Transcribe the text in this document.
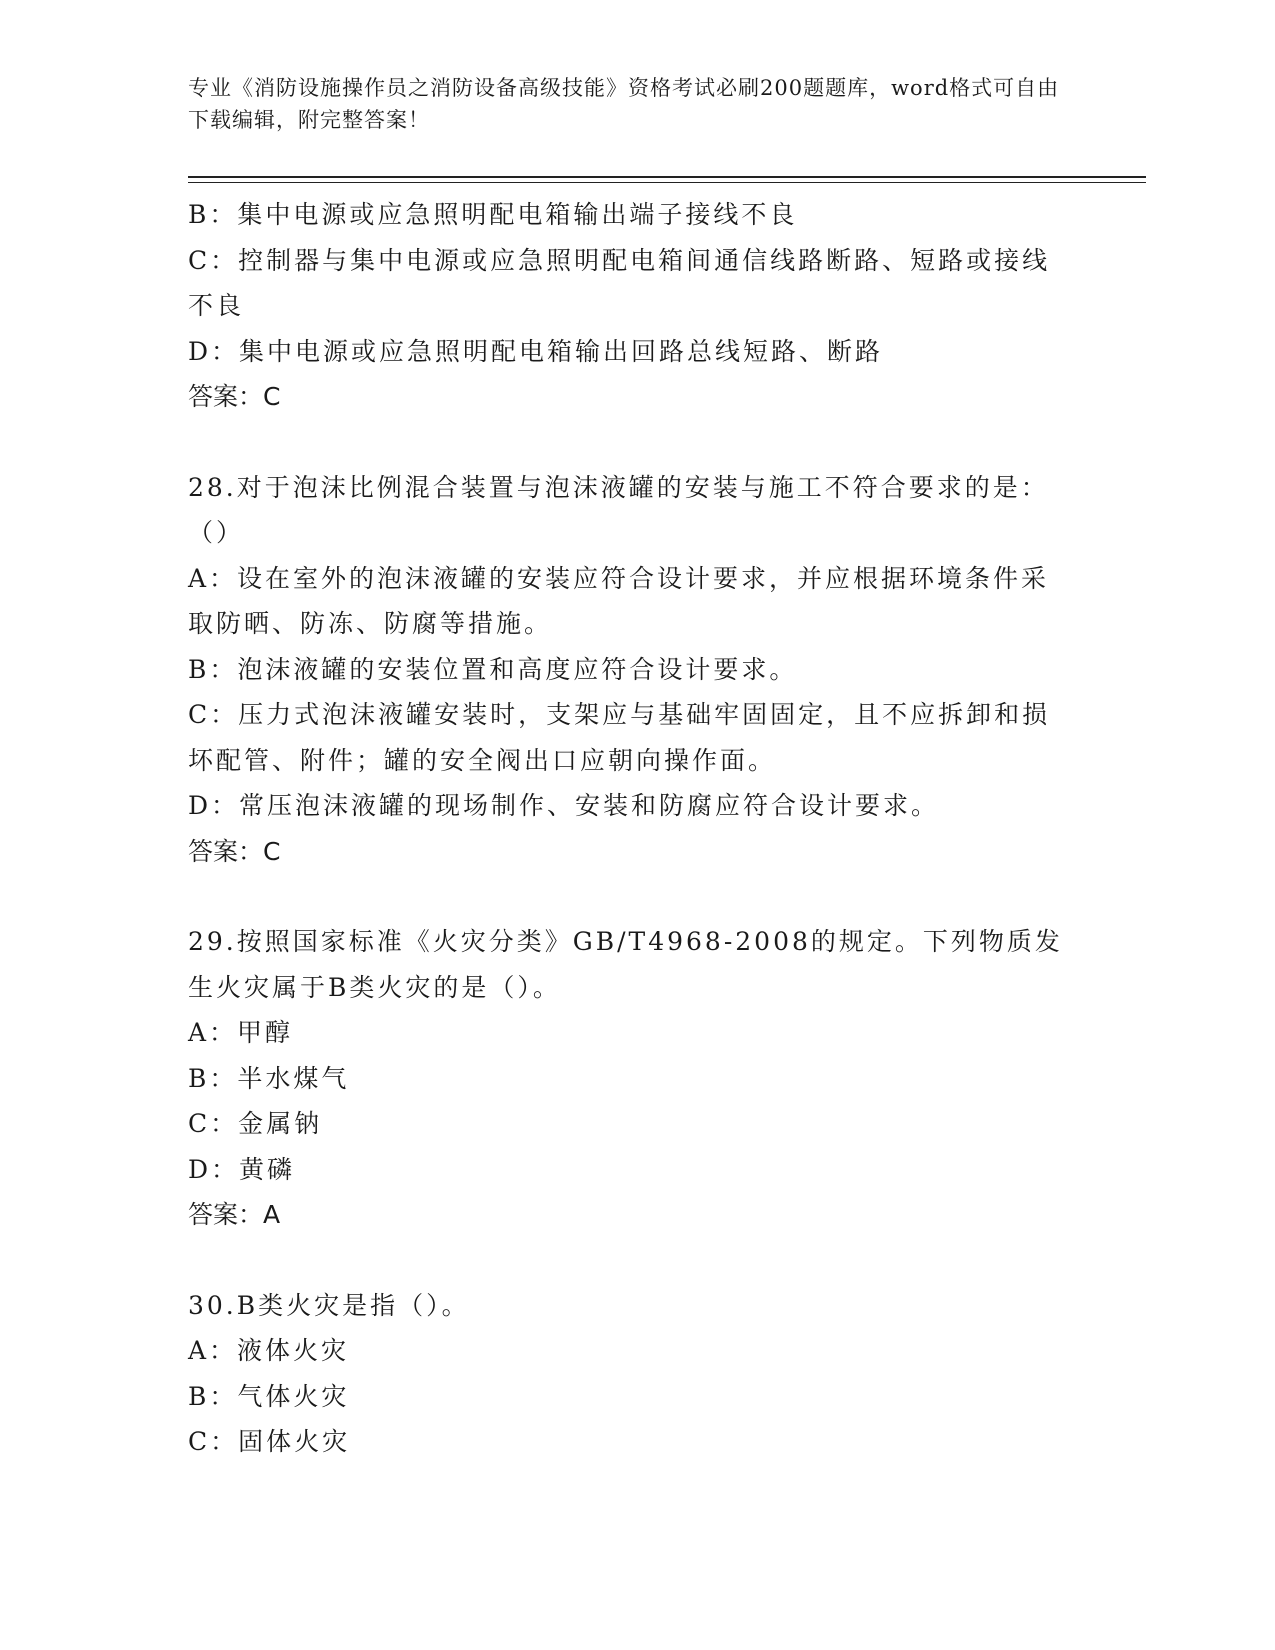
专业《消防设施操作员之消防设备高级技能》资格考试必刷200题题库，word格式可自由下载编辑，附完整答案！

B：集中电源或应急照明配电箱输出端子接线不良

C：控制器与集中电源或应急照明配电箱间通信线路断路、短路或接线不良

D：集中电源或应急照明配电箱输出回路总线短路、断路

答案：C

28.对于泡沫比例混合装置与泡沫液罐的安装与施工不符合要求的是：（）

A：设在室外的泡沫液罐的安装应符合设计要求，并应根据环境条件采取防晒、防冻、防腐等措施。

B：泡沫液罐的安装位置和高度应符合设计要求。

C：压力式泡沫液罐安装时，支架应与基础牢固固定，且不应拆卸和损坏配管、附件；罐的安全阀出口应朝向操作面。

D：常压泡沫液罐的现场制作、安装和防腐应符合设计要求。

答案：C

29.按照国家标准《火灾分类》GB/T4968-2008的规定。下列物质发生火灾属于B类火灾的是（）。

A：甲醇

B：半水煤气

C：金属钠

D：黄磷

答案：A

30.B类火灾是指（）。

A：液体火灾

B：气体火灾

C：固体火灾
